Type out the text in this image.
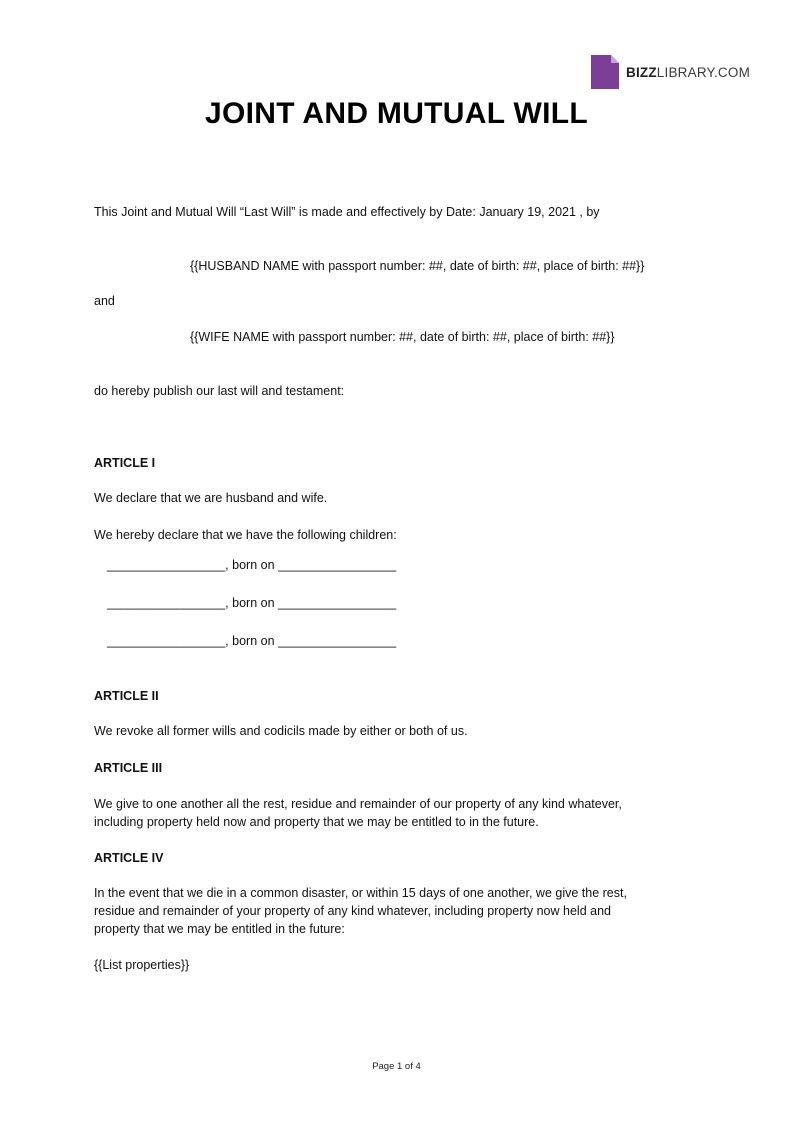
BIZZLIBRARY.COM
JOINT AND MUTUAL WILL
This Joint and Mutual Will “Last Will” is made and effectively by Date: January 19, 2021 , by
{{HUSBAND NAME with passport number: ##, date of birth: ##, place of birth: ##}}
and
{{WIFE NAME with passport number: ##, date of birth: ##, place of birth: ##}}
do hereby publish our last will and testament:
ARTICLE I
We declare that we are husband and wife.
We hereby declare that we have the following children:
_________________, born on _________________
_________________, born on _________________
_________________, born on _________________
ARTICLE II
We revoke all former wills and codicils made by either or both of us.
ARTICLE III
We give to one another all the rest, residue and remainder of our property of any kind whatever,
including property held now and property that we may be entitled to in the future.
ARTICLE IV
In the event that we die in a common disaster, or within 15 days of one another, we give the rest,
residue and remainder of your property of any kind whatever, including property now held and
property that we may be entitled in the future:
{{List properties}}
Page 1 of 4
